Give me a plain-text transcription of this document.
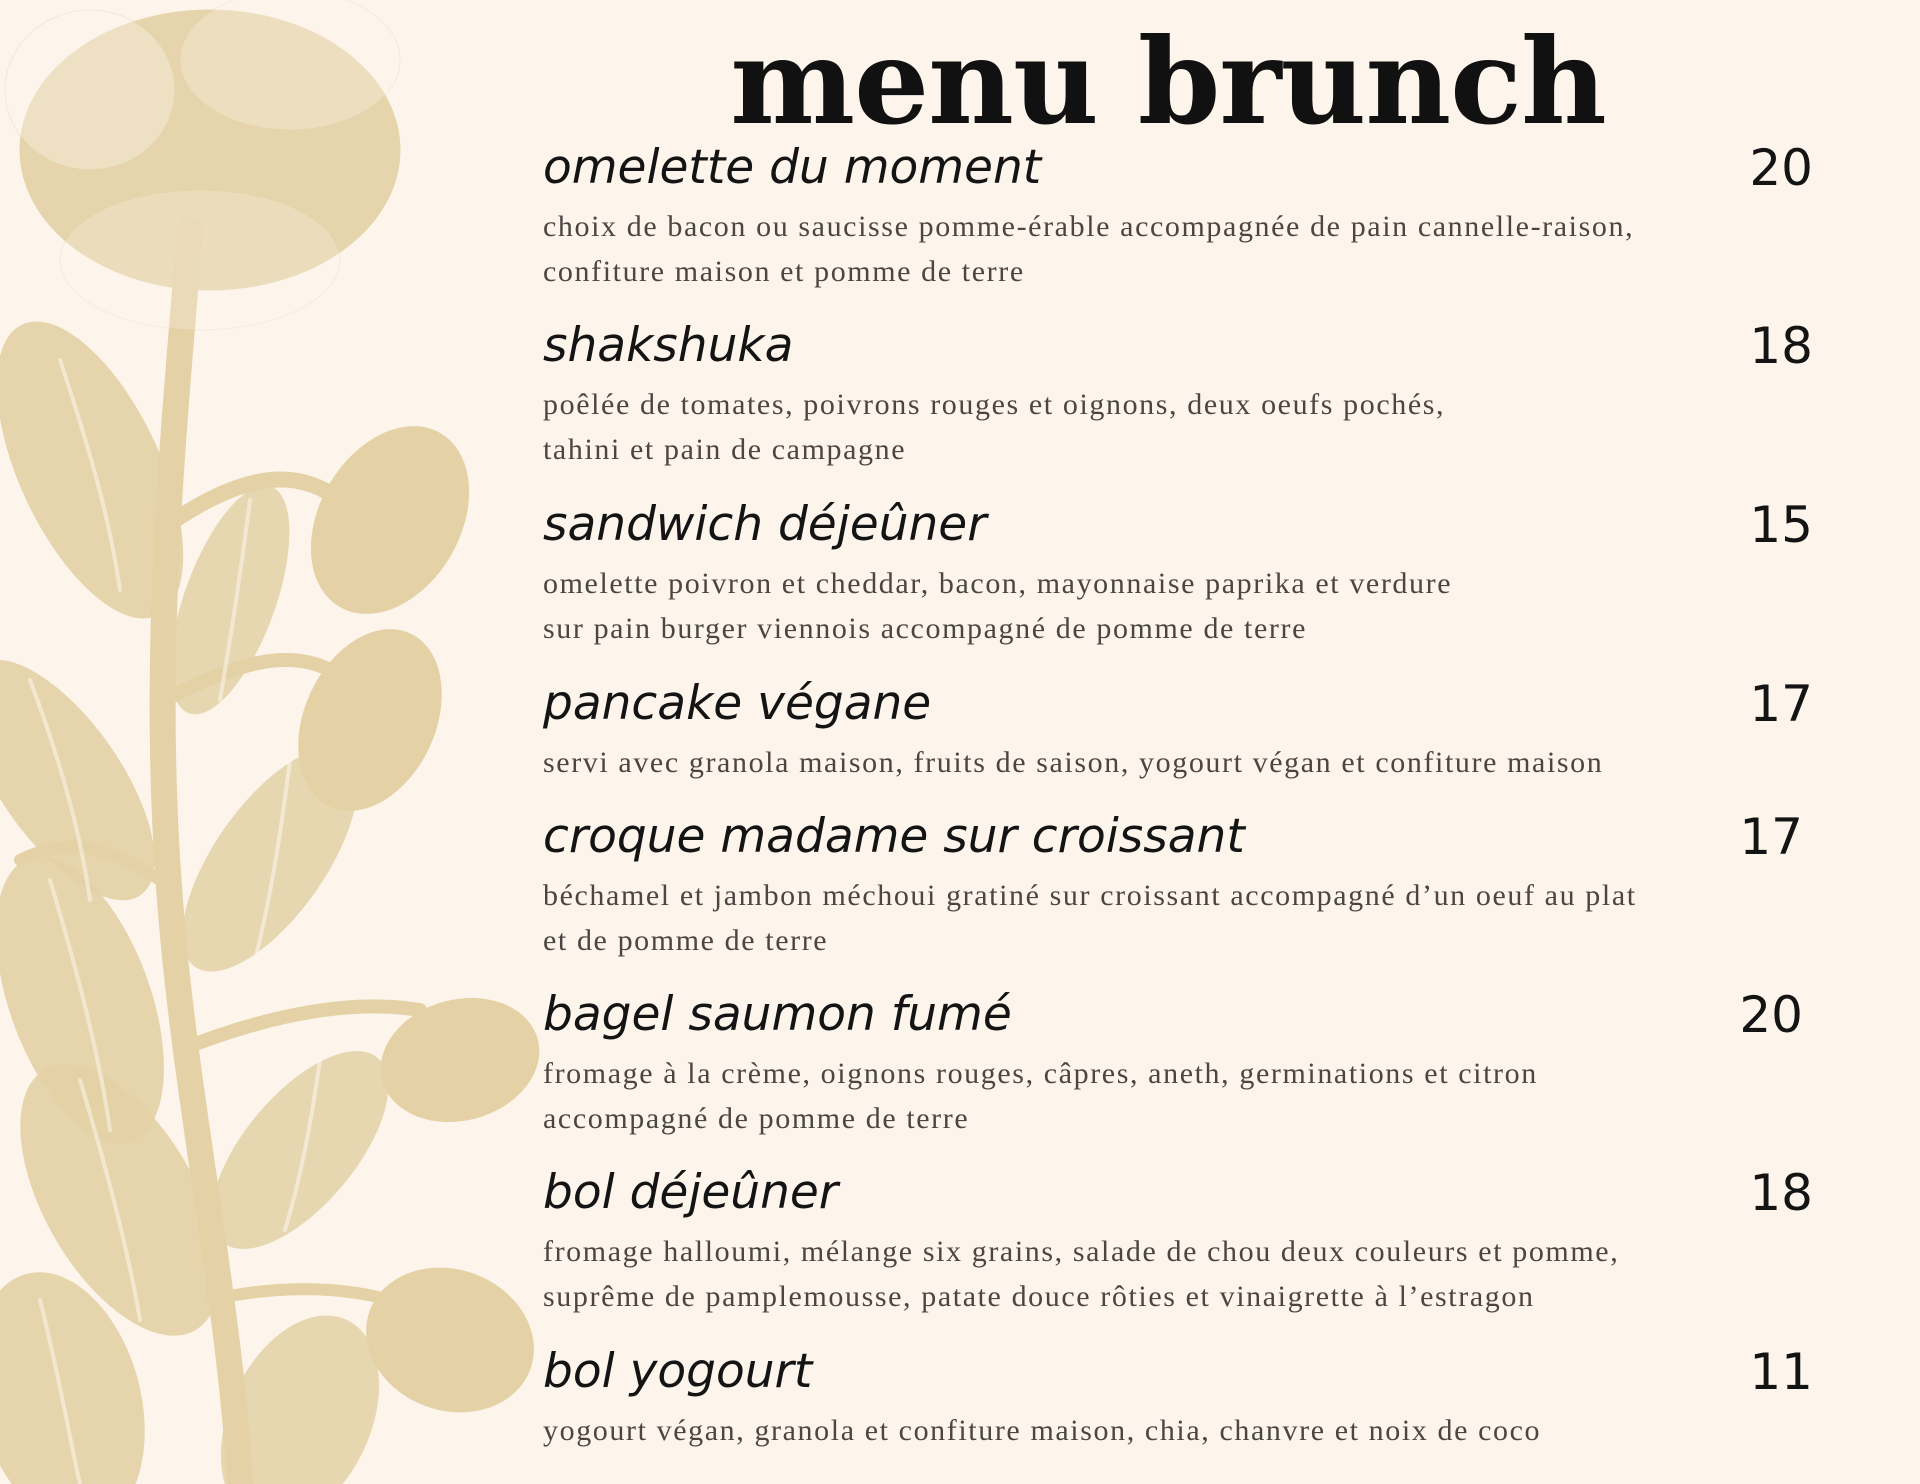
menu brunch
omelette du moment	20
choix de bacon ou saucisse pomme-érable accompagnée de pain cannelle-raison,
confiture maison et pomme de terre
shakshuka	18
poêlée de tomates, poivrons rouges et oignons, deux oeufs pochés,
tahini et pain de campagne
sandwich déjeûner	15
omelette poivron et cheddar, bacon, mayonnaise paprika et verdure
sur pain burger viennois accompagné de pomme de terre
pancake végane	17
servi avec granola maison, fruits de saison, yogourt végan et confiture maison
croque madame sur croissant	17
béchamel et jambon méchoui gratiné sur croissant accompagné d’un oeuf au plat
et de pomme de terre
bagel saumon fumé	20
fromage à la crème, oignons rouges, câpres, aneth, germinations et citron
accompagné de pomme de terre
bol déjeûner	18
fromage halloumi, mélange six grains, salade de chou deux couleurs et pomme,
suprême de pamplemousse, patate douce rôties et vinaigrette à l’estragon
bol yogourt	11
yogourt végan, granola et confiture maison, chia, chanvre et noix de coco
